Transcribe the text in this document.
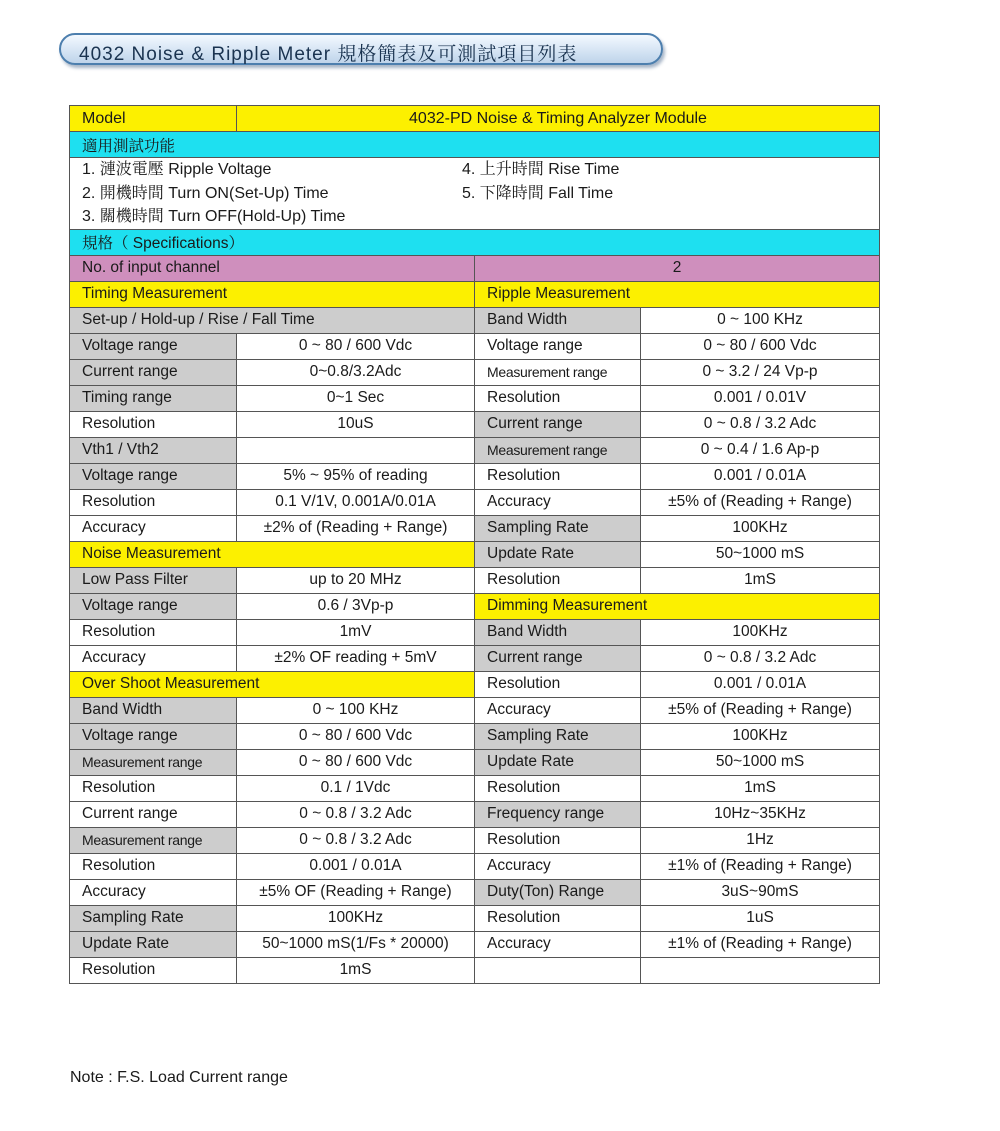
4032 Noise & Ripple Meter 規格簡表及可測試項目列表
Model	4032-PD Noise & Timing Analyzer Module		
適用測試功能			

1. 漣波電壓 Ripple Voltage
2. 開機時間 Turn ON(Set-Up) Time
3. 關機時間 Turn OFF(Hold-Up) Time
4. 上升時間 Rise Time
5. 下降時間 Fall Time			

規格（ Specifications）			
No. of input channel		2	
Timing Measurement		Ripple Measurement	
Set-up / Hold-up / Rise / Fall Time		Band Width	0 ~ 100 KHz
Voltage range	0 ~ 80 / 600 Vdc	Voltage range	0 ~ 80 / 600 Vdc
Current range	0~0.8/3.2Adc	Measurement range	0 ~ 3.2 / 24 Vp-p
Timing range	0~1 Sec	Resolution	0.001 / 0.01V
Resolution	10uS	Current range	0 ~ 0.8 / 3.2 Adc
Vth1 / Vth2		Measurement range	0 ~ 0.4 / 1.6 Ap-p
Voltage range	5% ~ 95% of reading	Resolution	0.001 / 0.01A
Resolution	0.1 V/1V, 0.001A/0.01A	Accuracy	±5% of (Reading + Range)
Accuracy	±2% of (Reading + Range)	Sampling Rate	100KHz
Noise Measurement		Update Rate	50~1000 mS
Low Pass Filter	up to 20 MHz	Resolution	1mS
Voltage range	0.6 / 3Vp-p	Dimming Measurement	
Resolution	1mV	Band Width	100KHz
Accuracy	±2% OF reading + 5mV	Current range	0 ~ 0.8 / 3.2 Adc
Over Shoot Measurement		Resolution	0.001 / 0.01A
Band Width	0 ~ 100 KHz	Accuracy	±5% of (Reading + Range)
Voltage range	0 ~ 80 / 600 Vdc	Sampling Rate	100KHz
Measurement range	0 ~ 80 / 600 Vdc	Update Rate	50~1000 mS
Resolution	0.1 / 1Vdc	Resolution	1mS
Current range	0 ~ 0.8 / 3.2 Adc	Frequency range	10Hz~35KHz
Measurement range	0 ~ 0.8 / 3.2 Adc	Resolution	1Hz
Resolution	0.001 / 0.01A	Accuracy	±1% of (Reading + Range)
Accuracy	±5% OF (Reading + Range)	Duty(Ton) Range	3uS~90mS
Sampling Rate	100KHz	Resolution	1uS
Update Rate	50~1000 mS(1/Fs * 20000)	Accuracy	±1% of (Reading + Range)
Resolution	1mS		
Note : F.S. Load Current range
